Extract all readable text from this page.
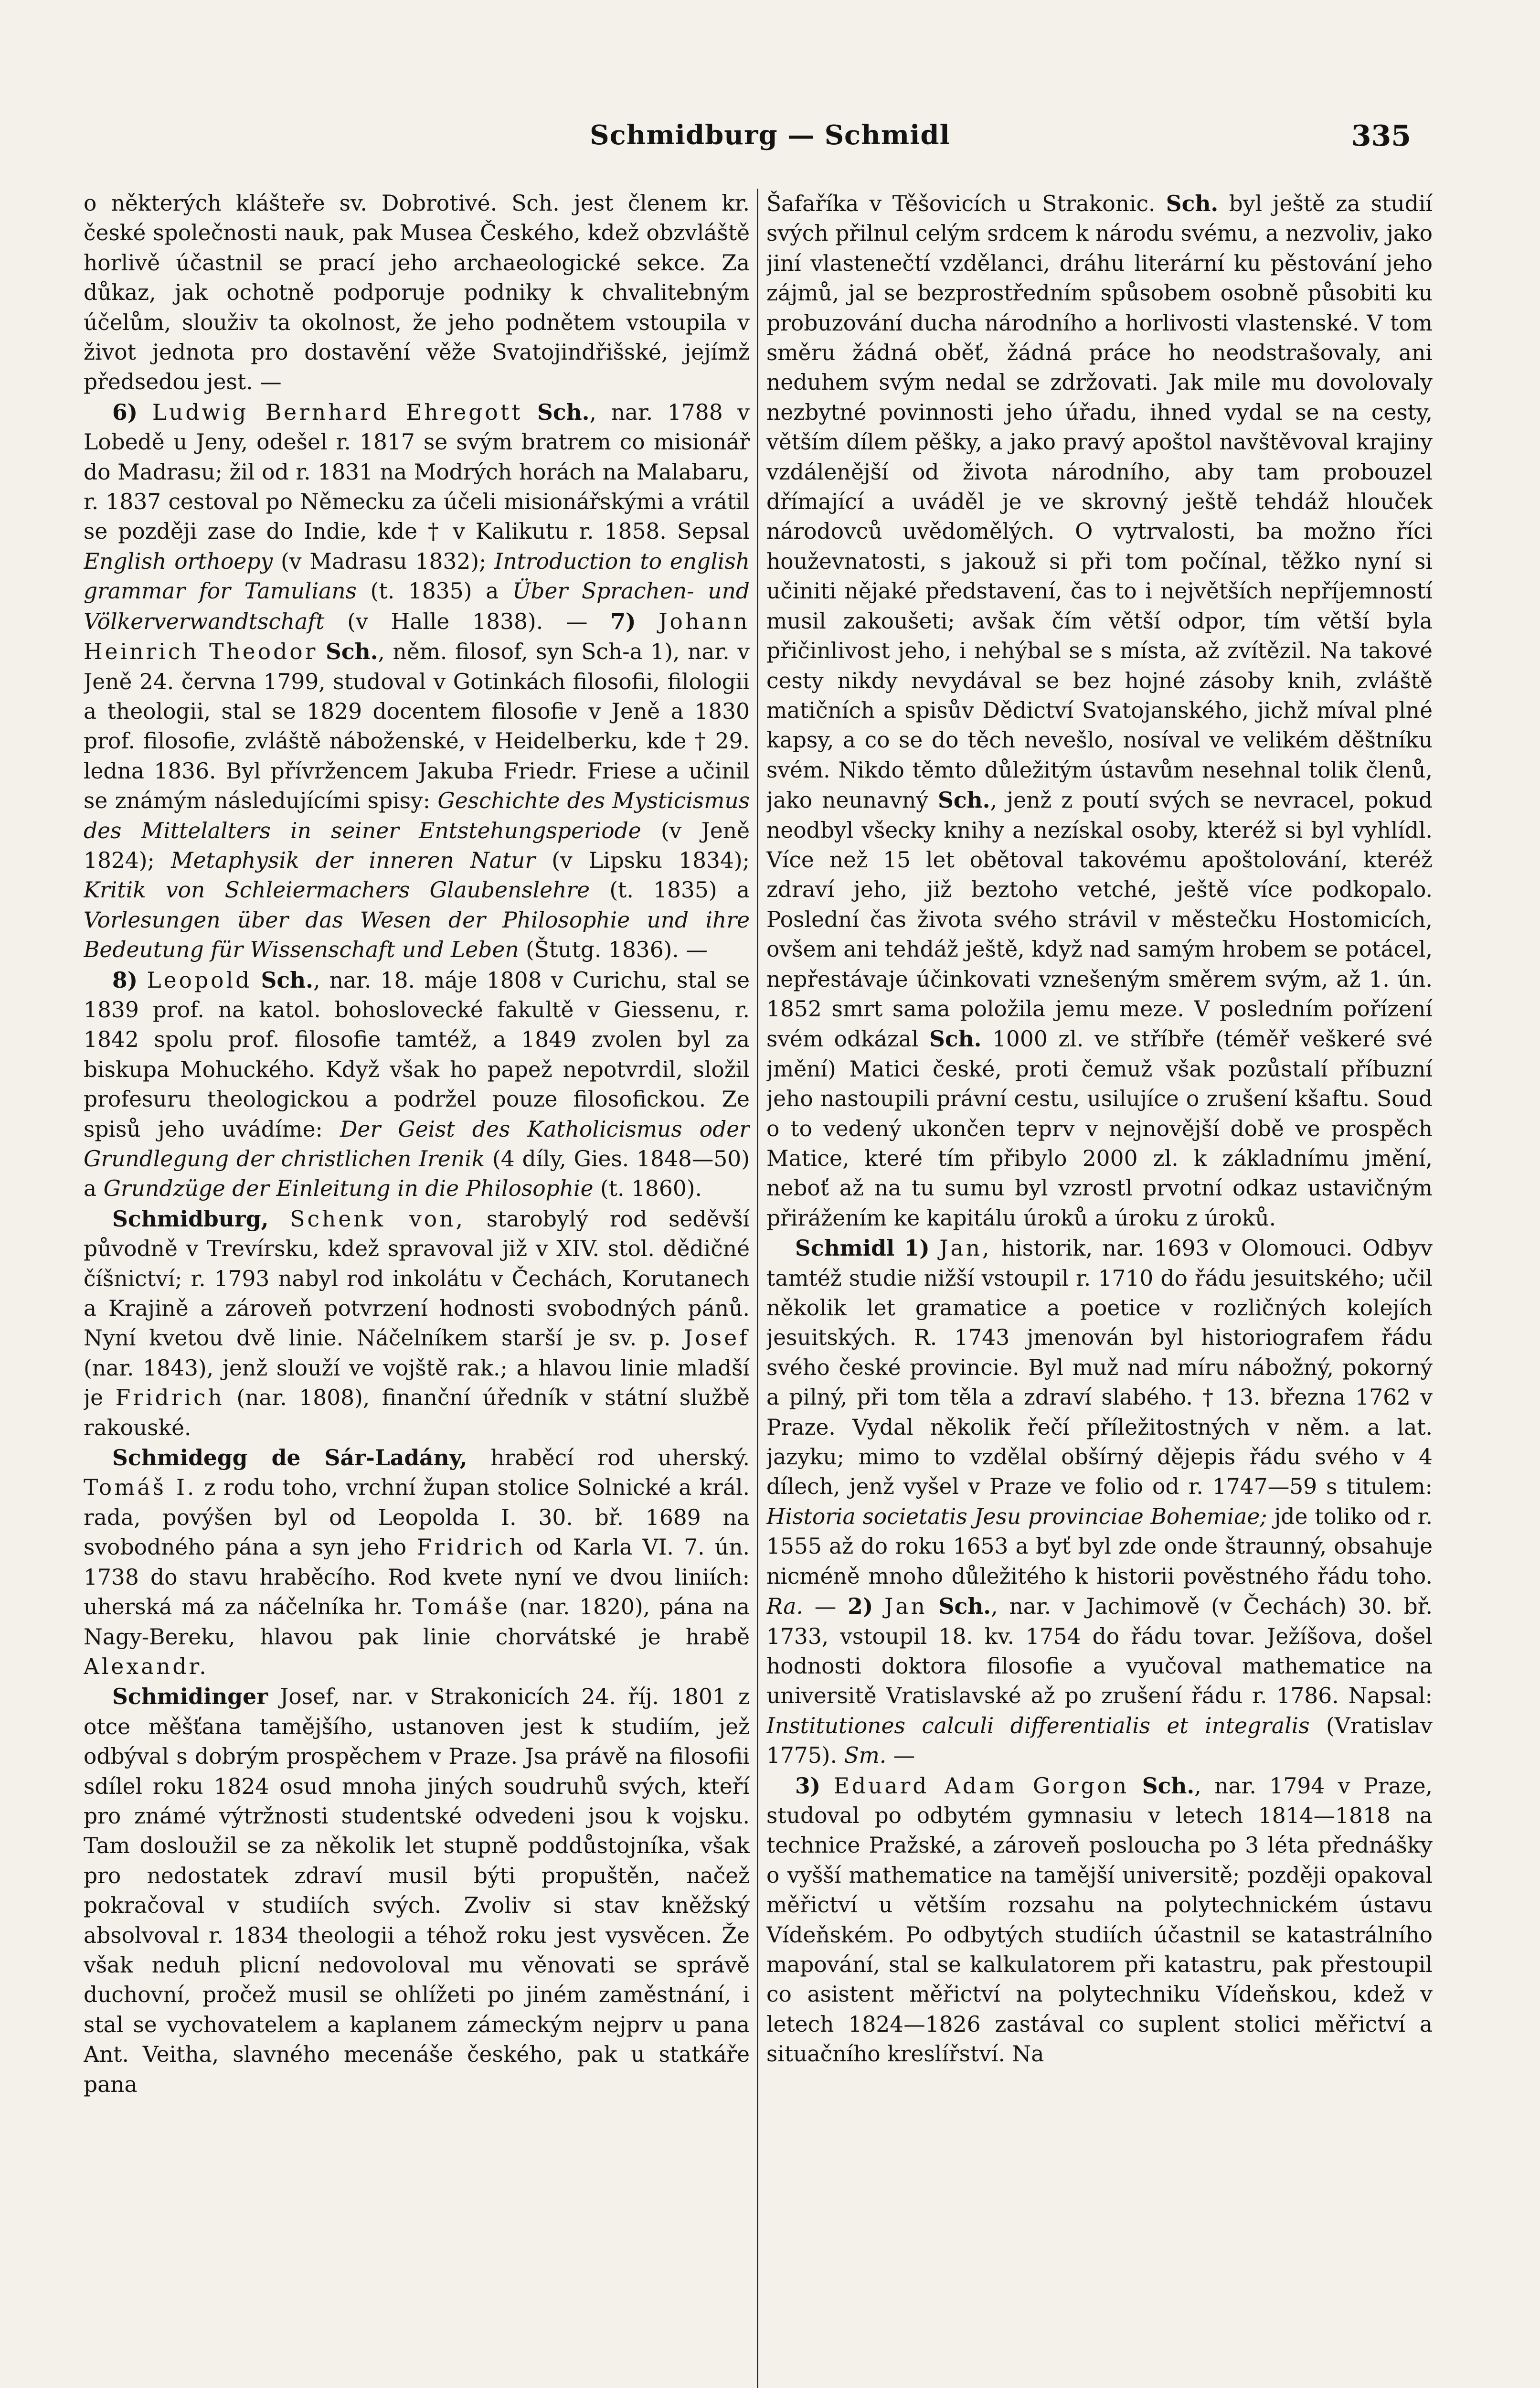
Schmidburg — Schmidl	335

o některých klášteře sv. Dobrotivé. Sch. jest členem kr. české společnosti nauk, pak Musea Českého, kdež obzvláště horlivě účastnil se prací jeho archaeologické sekce. Za důkaz, jak ochotně podporuje podniky k chvalitebným účelům, slouživ ta okolnost, že jeho podnětem vstoupila v život jednota pro dostavění věže Svatojindřišské, jejímž předsedou jest. —

6) Ludwig Bernhard Ehregott Sch., nar. 1788 v Lobedě u Jeny, odešel r. 1817 se svým bratrem co misionář do Madrasu; žil od r. 1831 na Modrých horách na Malabaru, r. 1837 cestoval po Německu za účeli misionářskými a vrátil se později zase do Indie, kde † v Kalikutu r. 1858. Sepsal English orthoepy (v Madrasu 1832); Introduction to english grammar for Tamulians (t. 1835) a Über Sprachen- und Völkerverwandtschaft (v Halle 1838). — 7) Johann Heinrich Theodor Sch., něm. filosof, syn Sch-a 1), nar. v Jeně 24. června 1799, studoval v Gotinkách filosofii, filologii a theologii, stal se 1829 docentem filosofie v Jeně a 1830 prof. filosofie, zvláště náboženské, v Heidelberku, kde † 29. ledna 1836. Byl přívržencem Jakuba Friedr. Friese a učinil se známým následujícími spisy: Geschichte des Mysticismus des Mittelalters in seiner Entstehungsperiode (v Jeně 1824); Metaphysik der inneren Natur (v Lipsku 1834); Kritik von Schleiermachers Glaubenslehre (t. 1835) a Vorlesungen über das Wesen der Philosophie und ihre Bedeutung für Wissenschaft und Leben (Štutg. 1836). —

8) Leopold Sch., nar. 18. máje 1808 v Curichu, stal se 1839 prof. na katol. bohoslovecké fakultě v Giessenu, r. 1842 spolu prof. filosofie tamtéž, a 1849 zvolen byl za biskupa Mohuckého. Když však ho papež nepotvrdil, složil profesuru theologickou a podržel pouze filosofickou. Ze spisů jeho uvádíme: Der Geist des Katholicismus oder Grundlegung der christlichen Irenik (4 díly, Gies. 1848—50) a Grundzüge der Einleitung in die Philosophie (t. 1860).

Schmidburg, Schenk von, starobylý rod seděvší původně v Trevírsku, kdež spravoval již v XIV. stol. dědičné číšnictví; r. 1793 nabyl rod inkolátu v Čechách, Korutanech a Krajině a zároveň potvrzení hodnosti svobodných pánů. Nyní kvetou dvě linie. Náčelníkem starší je sv. p. Josef (nar. 1843), jenž slouží ve vojště rak.; a hlavou linie mladší je Fridrich (nar. 1808), finanční úředník v státní službě rakouské.

Schmidegg de Sár-Ladány, hraběcí rod uherský. Tomáš I. z rodu toho, vrchní župan stolice Solnické a král. rada, povýšen byl od Leopolda I. 30. bř. 1689 na svobodného pána a syn jeho Fridrich od Karla VI. 7. ún. 1738 do stavu hraběcího. Rod kvete nyní ve dvou liniích: uherská má za náčelníka hr. Tomáše (nar. 1820), pána na Nagy-Bereku, hlavou pak linie chorvátské je hrabě Alexandr.

Schmidinger Josef, nar. v Strakonicích 24. říj. 1801 z otce měšťana tamějšího, ustanoven jest k studiím, jež odbýval s dobrým prospěchem v Praze. Jsa právě na filosofii sdílel roku 1824 osud mnoha jiných soudruhů svých, kteří pro známé výtržnosti studentské odvedeni jsou k vojsku. Tam dosloužil se za několik let stupně poddůstojníka, však pro nedostatek zdraví musil býti propuštěn, načež pokračoval v studiích svých. Zvoliv si stav kněžský absolvoval r. 1834 theologii a téhož roku jest vysvěcen. Že však neduh plicní nedovoloval mu věnovati se správě duchovní, pročež musil se ohlížeti po jiném zaměstnání, i stal se vychovatelem a kaplanem zámeckým nejprv u pana Ant. Veitha, slavného mecenáše českého, pak u statkáře pana

Šafaříka v Těšovicích u Strakonic. Sch. byl ještě za studií svých přilnul celým srdcem k národu svému, a nezvoliv, jako jiní vlastenečtí vzdělanci, dráhu literární ku pěstování jeho zájmů, jal se bezprostředním spůsobem osobně působiti ku probuzování ducha národního a horlivosti vlastenské. V tom směru žádná oběť, žádná práce ho neodstrašovaly, ani neduhem svým nedal se zdržovati. Jak mile mu dovolovaly nezbytné povinnosti jeho úřadu, ihned vydal se na cesty, větším dílem pěšky, a jako pravý apoštol navštěvoval krajiny vzdálenější od života národního, aby tam probouzel dřímající a uváděl je ve skrovný ještě tehdáž hlouček národovců uvědomělých. O vytrvalosti, ba možno říci houževnatosti, s jakouž si při tom počínal, těžko nyní si učiniti nějaké představení, čas to i největších nepříjemností musil zakoušeti; avšak čím větší odpor, tím větší byla přičinlivost jeho, i nehýbal se s místa, až zvítězil. Na takové cesty nikdy nevydával se bez hojné zásoby knih, zvláště matičních a spisův Dědictví Svatojanského, jichž míval plné kapsy, a co se do těch nevešlo, nosíval ve velikém děštníku svém. Nikdo těmto důležitým ústavům nesehnal tolik členů, jako neunavný Sch., jenž z poutí svých se nevracel, pokud neodbyl všecky knihy a nezískal osoby, kteréž si byl vyhlídl. Více než 15 let obětoval takovému apoštolování, kteréž zdraví jeho, již beztoho vetché, ještě více podkopalo. Poslední čas života svého strávil v městečku Hostomicích, ovšem ani tehdáž ještě, když nad samým hrobem se potácel, nepřestávaje účinkovati vznešeným směrem svým, až 1. ún. 1852 smrt sama položila jemu meze. V posledním pořízení svém odkázal Sch. 1000 zl. ve stříbře (téměř veškeré své jmění) Matici české, proti čemuž však pozůstalí příbuzní jeho nastoupili právní cestu, usilujíce o zrušení kšaftu. Soud o to vedený ukončen teprv v nejnovější době ve prospěch Matice, které tím přibylo 2000 zl. k základnímu jmění, neboť až na tu sumu byl vzrostl prvotní odkaz ustavičným přirážením ke kapitálu úroků a úroku z úroků.

Schmidl 1) Jan, historik, nar. 1693 v Olomouci. Odbyv tamtéž studie nižší vstoupil r. 1710 do řádu jesuitského; učil několik let gramatice a poetice v rozličných kolejích jesuitských. R. 1743 jmenován byl historiografem řádu svého české provincie. Byl muž nad míru nábožný, pokorný a pilný, při tom těla a zdraví slabého. † 13. března 1762 v Praze. Vydal několik řečí příležitostných v něm. a lat. jazyku; mimo to vzdělal obšírný dějepis řádu svého v 4 dílech, jenž vyšel v Praze ve folio od r. 1747—59 s titulem: Historia societatis Jesu provinciae Bohemiae; jde toliko od r. 1555 až do roku 1653 a byť byl zde onde štraunný, obsahuje nicméně mnoho důležitého k historii pověstného řádu toho. Ra. — 2) Jan Sch., nar. v Jachimově (v Čechách) 30. bř. 1733, vstoupil 18. kv. 1754 do řádu tovar. Ježíšova, došel hodnosti doktora filosofie a vyučoval mathematice na universitě Vratislavské až po zrušení řádu r. 1786. Napsal: Institutiones calculi differentialis et integralis (Vratislav 1775). Sm. —

3) Eduard Adam Gorgon Sch., nar. 1794 v Praze, studoval po odbytém gymnasiu v letech 1814—1818 na technice Pražské, a zároveň posloucha po 3 léta přednášky o vyšší mathematice na tamější universitě; později opakoval měřictví u větším rozsahu na polytechnickém ústavu Vídeňském. Po odbytých studiích účastnil se katastrálního mapování, stal se kalkulatorem při katastru, pak přestoupil co asistent měřictví na polytechniku Vídeňskou, kdež v letech 1824—1826 zastával co suplent stolici měřictví a situačního kreslířství. Na
